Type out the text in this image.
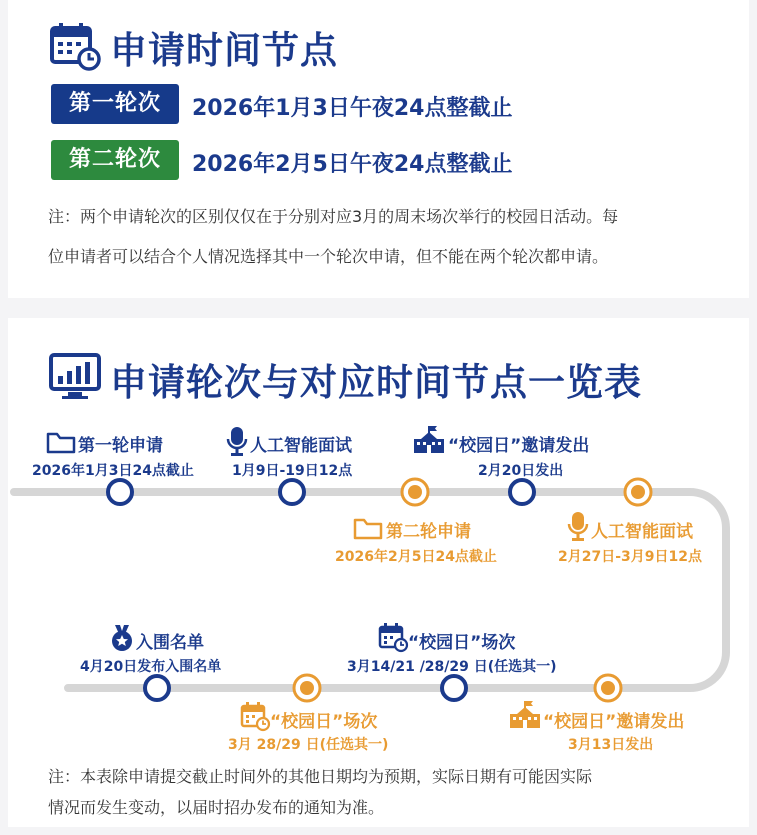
申请时间节点
第一轮次	2026年1月3日午夜24点整截止
第二轮次	2026年2月5日午夜24点整截止
注：两个申请轮次的区别仅仅在于分别对应3月的周末场次举行的校园日活动。每
位申请者可以结合个人情况选择其中一个轮次申请，但不能在两个轮次都申请。
申请轮次与对应时间节点一览表
第一轮申请
2026年1月3日24点截止
人工智能面试
1月9日-19日12点
“校园日”邀请发出
2月20日发出
第二轮申请
2026年2月5日24点截止
人工智能面试
2月27日-3月9日12点
入围名单
4月20日发布入围名单
“校园日”场次
3月14/21 /28/29 日(任选其一)
“校园日”场次
3月 28/29 日(任选其一)
“校园日”邀请发出
3月13日发出
注：本表除申请提交截止时间外的其他日期均为预期，实际日期有可能因实际
情况而发生变动，以届时招办发布的通知为准。
